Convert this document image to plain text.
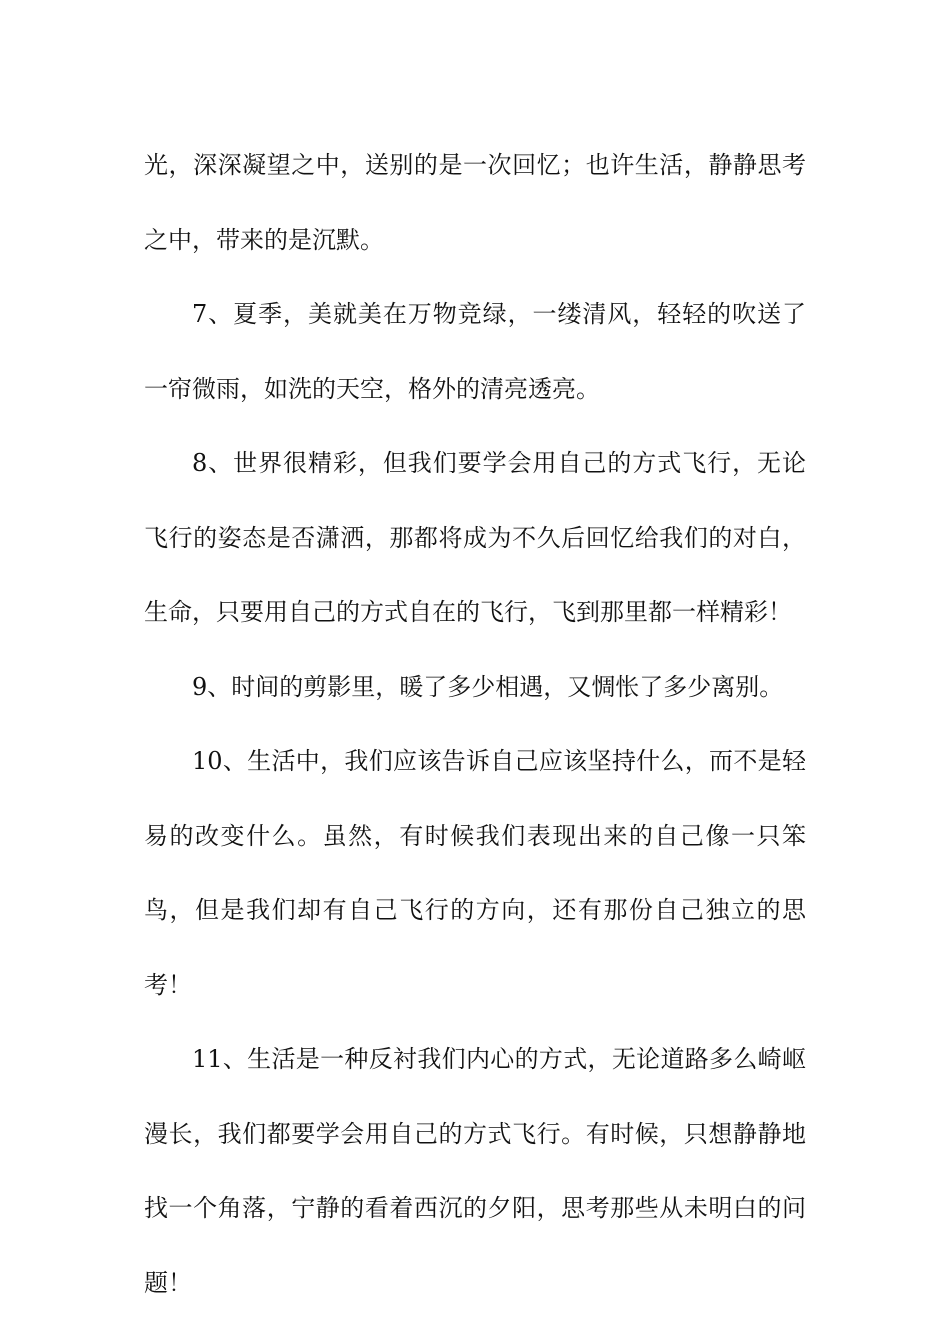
光，深深凝望之中，送别的是一次回忆；也许生活，静静思考之中，带来的是沉默。

7、夏季，美就美在万物竞绿，一缕清风，轻轻的吹送了一帘微雨，如洗的天空，格外的清亮透亮。

8、世界很精彩，但我们要学会用自己的方式飞行，无论飞行的姿态是否潇洒，那都将成为不久后回忆给我们的对白，生命，只要用自己的方式自在的飞行，飞到那里都一样精彩！

9、时间的剪影里，暖了多少相遇，又惆怅了多少离别。

10、生活中，我们应该告诉自己应该坚持什么，而不是轻易的改变什么。虽然，有时候我们表现出来的自己像一只笨鸟，但是我们却有自己飞行的方向，还有那份自己独立的思考！

11、生活是一种反衬我们内心的方式，无论道路多么崎岖漫长，我们都要学会用自己的方式飞行。有时候，只想静静地找一个角落，宁静的看着西沉的夕阳，思考那些从未明白的问题！
